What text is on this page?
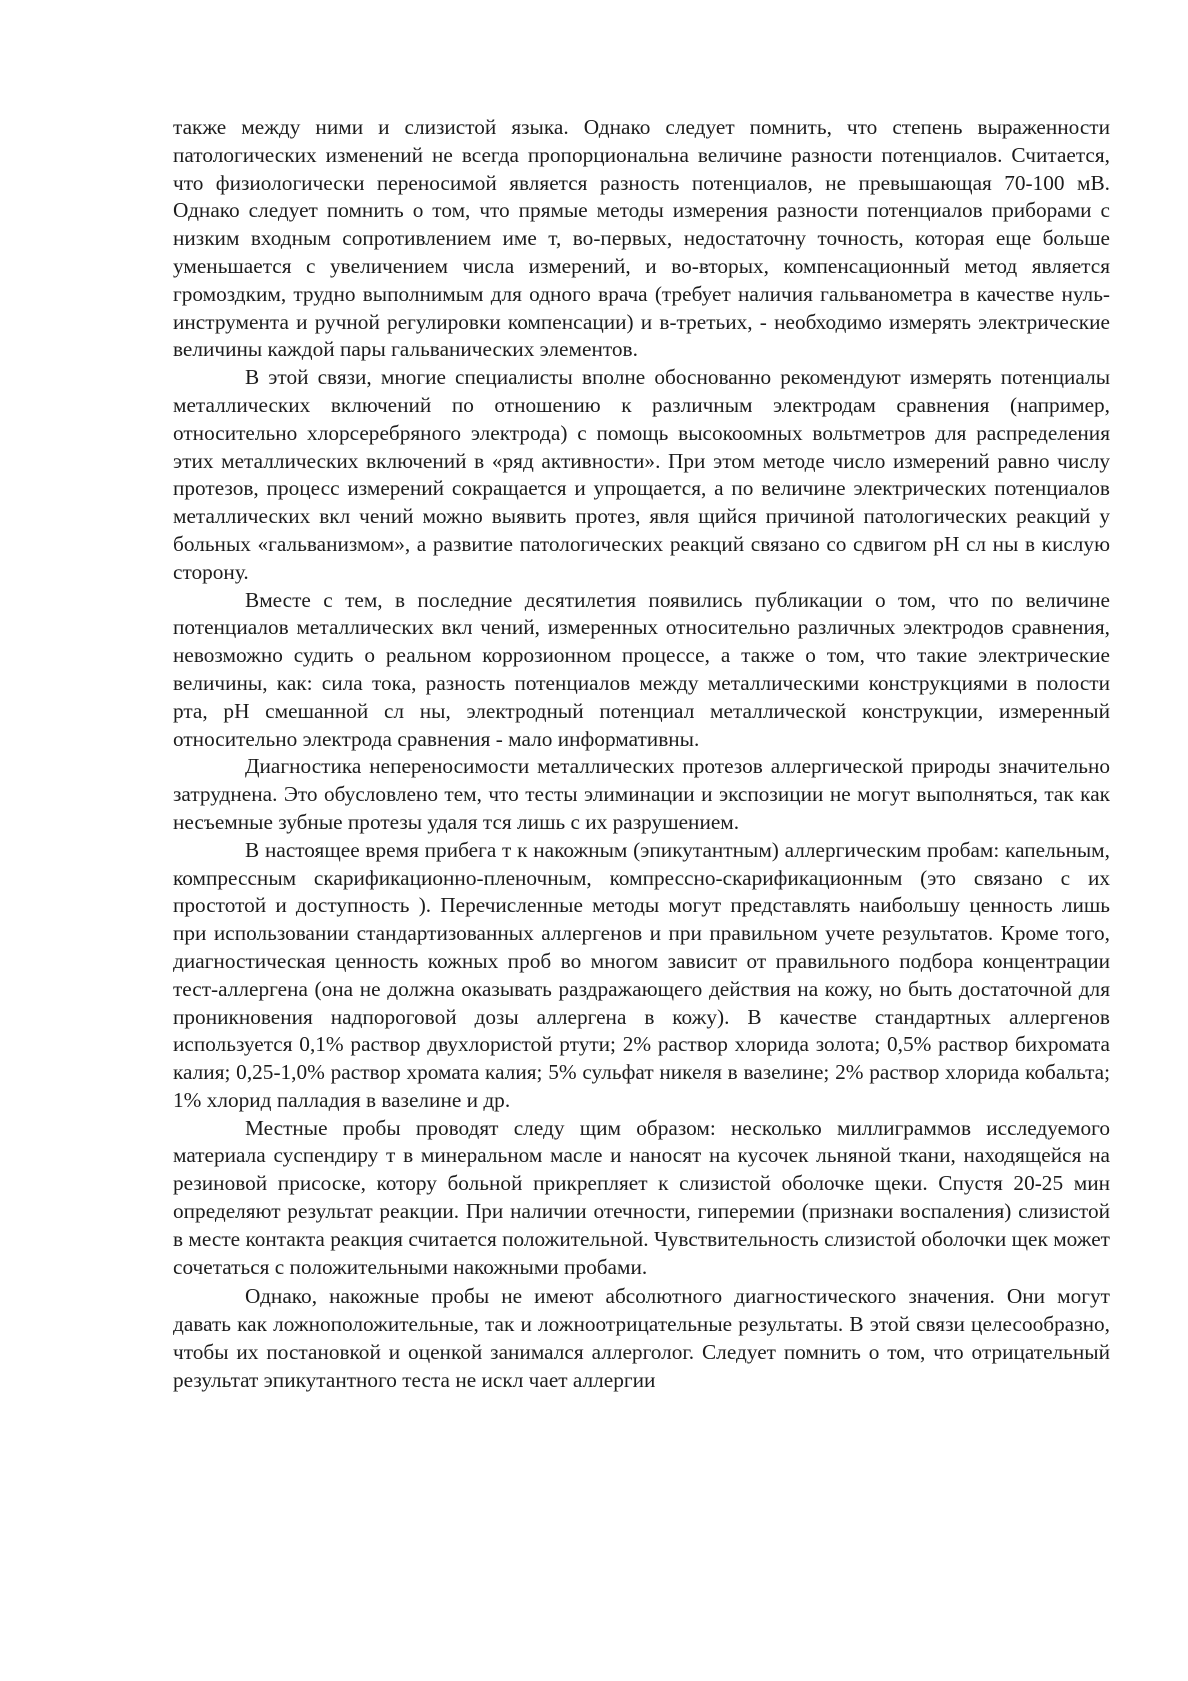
также между ними и слизистой языка. Однако следует помнить, что степень выраженности патологических изменений не всегда пропорциональна величине разности потенциалов. Считается, что физиологически переносимой является разность потенциалов, не превышающая 70-100 мВ. Однако следует помнить о том, что прямые методы измерения разности потенциалов приборами с низким входным сопротивлением име т, во-первых, недостаточну точность, которая еще больше уменьшается с увеличением числа измерений, и во-вторых, компенсационный метод является громоздким, трудно выполнимым для одного врача (требует наличия гальванометра в качестве нуль-инструмента и ручной регулировки компенсации) и в-третьих, - необходимо измерять электрические величины каждой пары гальванических элементов.

В этой связи, многие специалисты вполне обоснованно рекомендуют измерять потенциалы металлических включений по отношению к различным электродам сравнения (например, относительно хлорсеребряного электрода) с помощь высокоомных вольтметров для распределения этих металлических включений в «ряд активности». При этом методе число измерений равно числу протезов, процесс измерений сокращается и упрощается, а по величине электрических потенциалов металлических вкл чений можно выявить протез, явля щийся причиной патологических реакций у больных «гальванизмом», а развитие патологических реакций связано со сдвигом pH сл ны в кислую сторону.

Вместе с тем, в последние десятилетия появились публикации о том, что по величине потенциалов металлических вкл чений, измеренных относительно различных электродов сравнения, невозможно судить о реальном коррозионном процессе, а также о том, что такие электрические величины, как: сила тока, разность потенциалов между металлическими конструкциями в полости рта, pH смешанной сл ны, электродный потенциал металлической конструкции, измеренный относительно электрода сравнения - мало информативны.

Диагностика непереносимости металлических протезов аллергической природы значительно затруднена. Это обусловлено тем, что тесты элиминации и экспозиции не могут выполняться, так как несъемные зубные протезы удаля тся лишь с их разрушением.

В настоящее время прибега т к накожным (эпикутантным) аллергическим пробам: капельным, компрессным скарификационно-пленочным, компрессно-скарификационным (это связано с их простотой и доступность ). Перечисленные методы могут представлять наибольшу ценность лишь при использовании стандартизованных аллергенов и при правильном учете результатов. Кроме того, диагностическая ценность кожных проб во многом зависит от правильного подбора концентрации тест-аллергена (она не должна оказывать раздражающего действия на кожу, но быть достаточной для проникновения надпороговой дозы аллергена в кожу). В качестве стандартных аллергенов используется 0,1% раствор двухлористой ртути; 2% раствор хлорида золота; 0,5% раствор бихромата калия; 0,25-1,0% раствор хромата калия; 5% сульфат никеля в вазелине; 2% раствор хлорида кобальта; 1% хлорид палладия в вазелине и др.

Местные пробы проводят следу щим образом: несколько миллиграммов исследуемого материала суспендиру т в минеральном масле и наносят на кусочек льняной ткани, находящейся на резиновой присоске, котору больной прикрепляет к слизистой оболочке щеки. Спустя 20-25 мин определяют результат реакции. При наличии отечности, гиперемии (признаки воспаления) слизистой в месте контакта реакция считается положительной. Чувствительность слизистой оболочки щек может сочетаться с положительными накожными пробами.

Однако, накожные пробы не имеют абсолютного диагностического значения. Они могут давать как ложноположительные, так и ложноотрицательные результаты. В этой связи целесообразно, чтобы их постановкой и оценкой занимался аллерголог. Следует помнить о том, что отрицательный результат эпикутантного теста не искл чает аллергии
